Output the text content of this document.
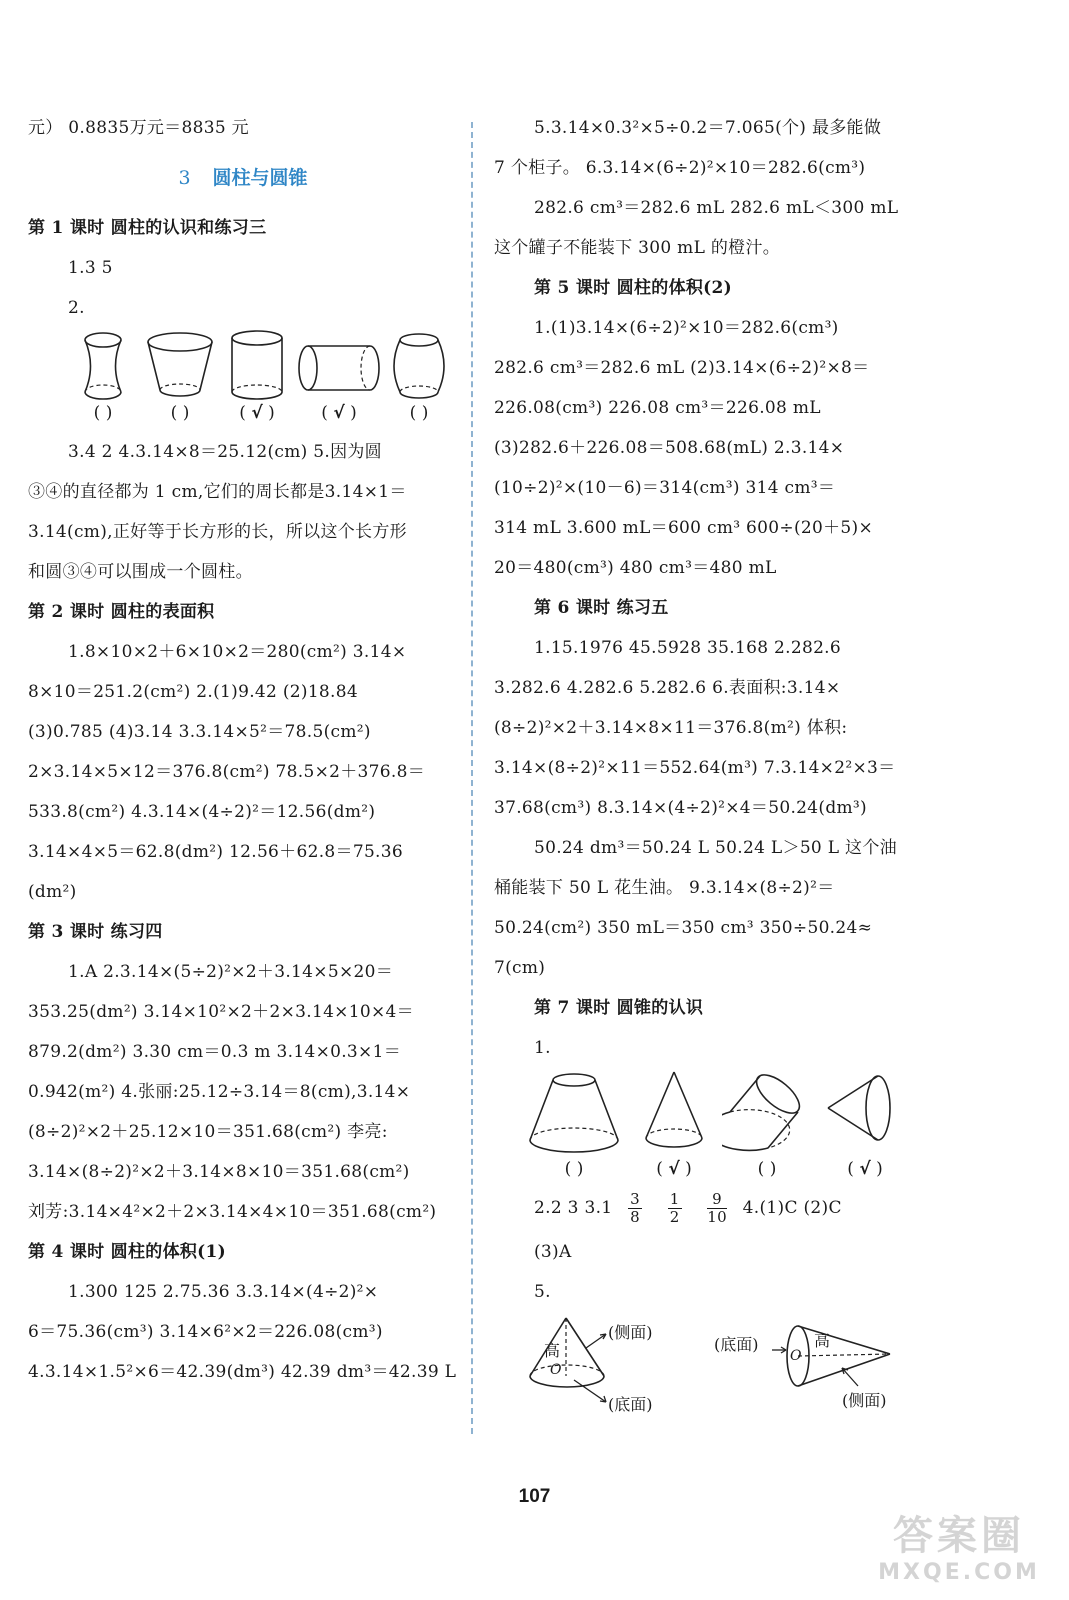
元） 0.8835万元＝8835 元
3 圆柱与圆锥
第 1 课时 圆柱的认识和练习三
1.3 5
2.
( )	( )	( √ )	( √ )	( )
3.4 2 4.3.14×8＝25.12(cm) 5.因为圆
③④的直径都为 1 cm,它们的周长都是3.14×1＝
3.14(cm),正好等于长方形的长，所以这个长方形
和圆③④可以围成一个圆柱。
第 2 课时 圆柱的表面积
1.8×10×2＋6×10×2＝280(cm²) 3.14×
8×10＝251.2(cm²) 2.(1)9.42 (2)18.84
(3)0.785 (4)3.14 3.3.14×5²＝78.5(cm²)
2×3.14×5×12＝376.8(cm²) 78.5×2＋376.8＝
533.8(cm²) 4.3.14×(4÷2)²＝12.56(dm²)
3.14×4×5＝62.8(dm²) 12.56＋62.8＝75.36
(dm²)
第 3 课时 练习四
1.A 2.3.14×(5÷2)²×2＋3.14×5×20＝
353.25(dm²) 3.14×10²×2＋2×3.14×10×4＝
879.2(dm²) 3.30 cm＝0.3 m 3.14×0.3×1＝
0.942(m²) 4.张丽:25.12÷3.14＝8(cm),3.14×
(8÷2)²×2＋25.12×10＝351.68(cm²) 李亮:
3.14×(8÷2)²×2＋3.14×8×10＝351.68(cm²)
刘芳:3.14×4²×2＋2×3.14×4×10＝351.68(cm²)
第 4 课时 圆柱的体积(1)
1.300 125 2.75.36 3.3.14×(4÷2)²×
6＝75.36(cm³) 3.14×6²×2＝226.08(cm³)
4.3.14×1.5²×6＝42.39(dm³) 42.39 dm³＝42.39 L
5.3.14×0.3²×5÷0.2＝7.065(个) 最多能做
7 个柜子。 6.3.14×(6÷2)²×10＝282.6(cm³)
282.6 cm³＝282.6 mL 282.6 mL＜300 mL
这个罐子不能装下 300 mL 的橙汁。
第 5 课时 圆柱的体积(2)
1.(1)3.14×(6÷2)²×10＝282.6(cm³)
282.6 cm³＝282.6 mL (2)3.14×(6÷2)²×8＝
226.08(cm³) 226.08 cm³＝226.08 mL
(3)282.6＋226.08＝508.68(mL) 2.3.14×
(10÷2)²×(10－6)＝314(cm³) 314 cm³＝
314 mL 3.600 mL＝600 cm³ 600÷(20＋5)×
20＝480(cm³) 480 cm³＝480 mL
第 6 课时 练习五
1.15.1976 45.5928 35.168 2.282.6
3.282.6 4.282.6 5.282.6 6.表面积:3.14×
(8÷2)²×2＋3.14×8×11＝376.8(m²) 体积:
3.14×(8÷2)²×11＝552.64(m³) 7.3.14×2²×3＝
37.68(cm³) 8.3.14×(4÷2)²×4＝50.24(dm³)
50.24 dm³＝50.24 L 50.24 L＞50 L 这个油
桶能装下 50 L 花生油。 9.3.14×(8÷2)²＝
50.24(cm²) 350 mL＝350 cm³ 350÷50.24≈
7(cm)
第 7 课时 圆锥的认识
1.
( )	( √ )	( )	( √ )
2.2 3 $3.1 \frac{3}{8}$
$\frac{1}{2}$
$\frac{9}{10} 4.(1)C$ (2)C
(3)A
5.
(侧面)
高
O
(底面)
(底面)	高
O
(侧面)
107
答案圈
MXQE.COM
